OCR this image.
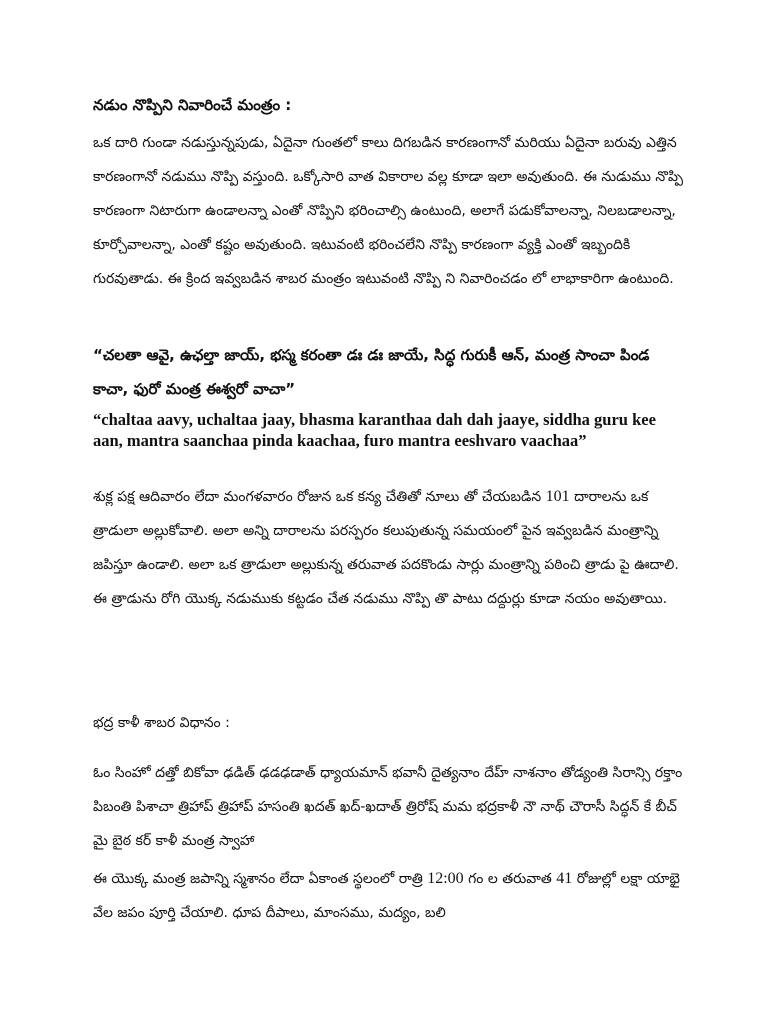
నడుం నొప్పిని నివారించే మంత్రం :

ఒక దారి గుండా నడుస్తున్నపుడు, ఏదైనా గుంతలో కాలు దిగబడిన కారణంగానో మరియు ఏదైనా బరువు ఎత్తిన కారణంగానో నడుము నొప్పి వస్తుంది. ఒక్కోసారి వాత వికారాల వల్ల కూడా ఇలా అవుతుంది. ఈ నుడుము నొప్పి కారణంగా నిటారుగా ఉండాలన్నా ఎంతో నొప్పిని భరించాల్సి ఉంటుంది, అలాగే పడుకోవాలన్నా, నిలబడాలన్నా, కూర్చోవాలన్నా, ఎంతో కష్టం అవుతుంది. ఇటువంటి భరించలేని నొప్పి కారణంగా వ్యక్తి ఎంతో ఇబ్బందికి గురవుతాడు. ఈ క్రింద ఇవ్వబడిన శాబర మంత్రం ఇటువంటి నొప్పి ని నివారించడం లో లాభాకారిగా ఉంటుంది.

“చలతా ఆవై, ఉఛల్తా జాయ్, భస్మ కరంతా డః డః జాయే, సిద్ధ గురుకీ ఆన్, మంత్ర సాంచా పిండ కాచా, ఫురో మంత్ర ఈశ్వరో వాచా”

“chaltaa aavy, uchaltaa jaay, bhasma karanthaa dah dah jaaye, siddha guru kee aan, mantra saanchaa pinda kaachaa, furo mantra eeshvaro vaachaa”

శుక్ల పక్ష ఆదివారం లేదా మంగళవారం రోజున ఒక కన్య చేతితో నూలు తో చేయబడిన 101 దారాలను ఒక త్రాడులా అల్లుకోవాలి. అలా అన్ని దారాలను పరస్పరం కలుపుతున్న సమయంలో పైన ఇవ్వబడిన మంత్రాన్ని జపిస్తూ ఉండాలి. అలా ఒక త్రాడులా అల్లుకున్న తరువాత పదకొండు సార్లు మంత్రాన్ని పఠించి త్రాడు పై ఊదాలి. ఈ త్రాడును రోగి యొక్క నడుముకు కట్టడం చేత నడుము నొప్పి తొ పాటు దద్దుర్లు కూడా నయం అవుతాయి.

భద్ర కాళీ శాబర విధానం :

ఓం సింహో దత్తో బికోవా ఢడిత్ ఢడఢడాత్ ధ్యాయమాన్ భవానీ దైత్యనాం దేహ్ నాశనాం తోడ్యంతి సిరాన్సి రక్తాం పిబంతి పిశాచా త్రిహాప్ త్రిహాప్ హసంతి ఖదత్ ఖద్-ఖదాత్ త్రిరోష్ మమ భద్రకాళీ నౌ నాథ్ చౌరాసీ సిద్ధన్ కే బీచ్ మై బైఠ కర్ కాళీ మంత్ర స్వాహా

ఈ యొక్క మంత్ర జపాన్ని స్మశానం లేదా ఏకాంత స్థలంలో రాత్రి 12:00 గం ల తరువాత 41 రోజుల్లో లక్షా యాభై వేల జపం పూర్తి చేయాలి. ధూప దీపాలు, మాంసము, మద్యం, బలి
